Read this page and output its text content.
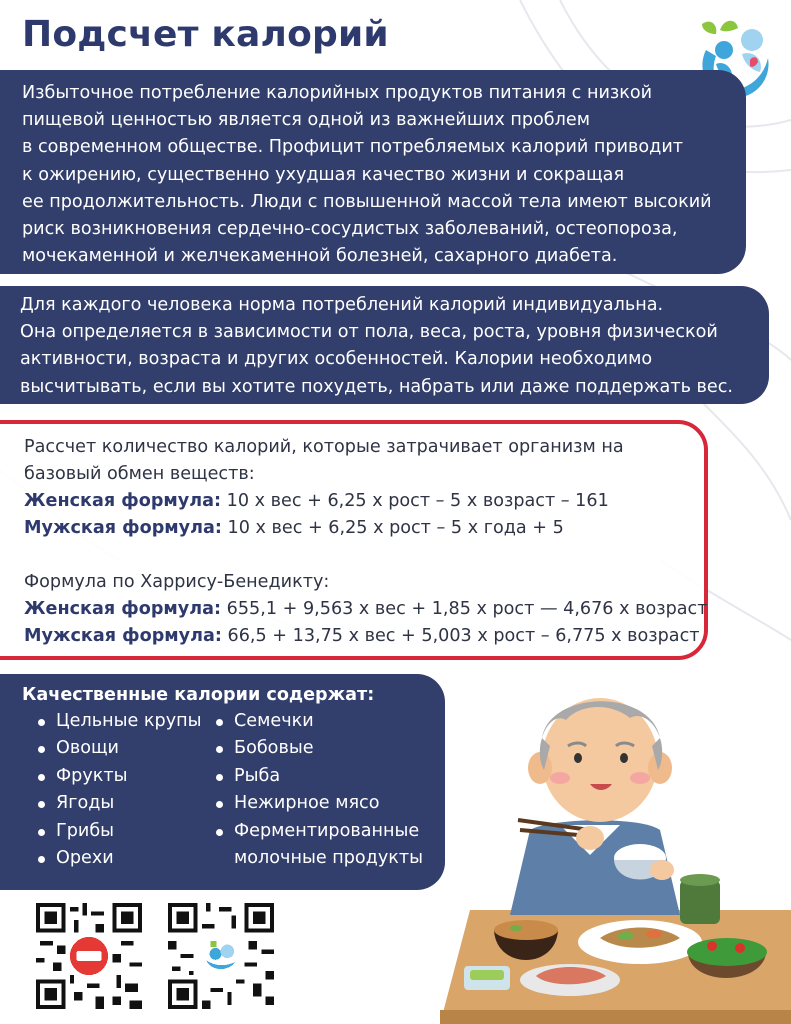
Подсчет калорий
Избыточное потребление калорийных продуктов питания с низкой
пищевой ценностью является одной из важнейших проблем
в современном обществе. Профицит потребляемых калорий приводит
к ожирению, существенно ухудшая качество жизни и сокращая
ее продолжительность. Люди с повышенной массой тела имеют высокий
риск возникновения сердечно-сосудистых заболеваний, остеопороза,
мочекаменной и желчекаменной болезней, сахарного диабета.
Для каждого человека норма потреблений калорий индивидуальна.
Она определяется в зависимости от пола, веса, роста, уровня физической
активности, возраста и других особенностей. Калории необходимо
высчитывать, если вы хотите похудеть, набрать или даже поддержать вес.
Рассчет количество калорий, которые затрачивает организм на
базовый обмен веществ:
Женская формула: 10 х вес + 6,25 х рост – 5 х возраст – 161
Мужская формула: 10 х вес + 6,25 х рост – 5 х года + 5
Формула по Харрису-Бенедикту:
Женская формула: 655,1 + 9,563 х вес + 1,85 х рост — 4,676 х возраст
Мужская формула: 66,5 + 13,75 х вес + 5,003 х рост – 6,775 х возраст
Качественные калории содержат:
Цельные крупы
Овощи
Фрукты
Ягоды
Грибы
Орехи
Семечки
Бобовые
Рыба
Нежирное мясо
Ферментированные
молочные продукты
